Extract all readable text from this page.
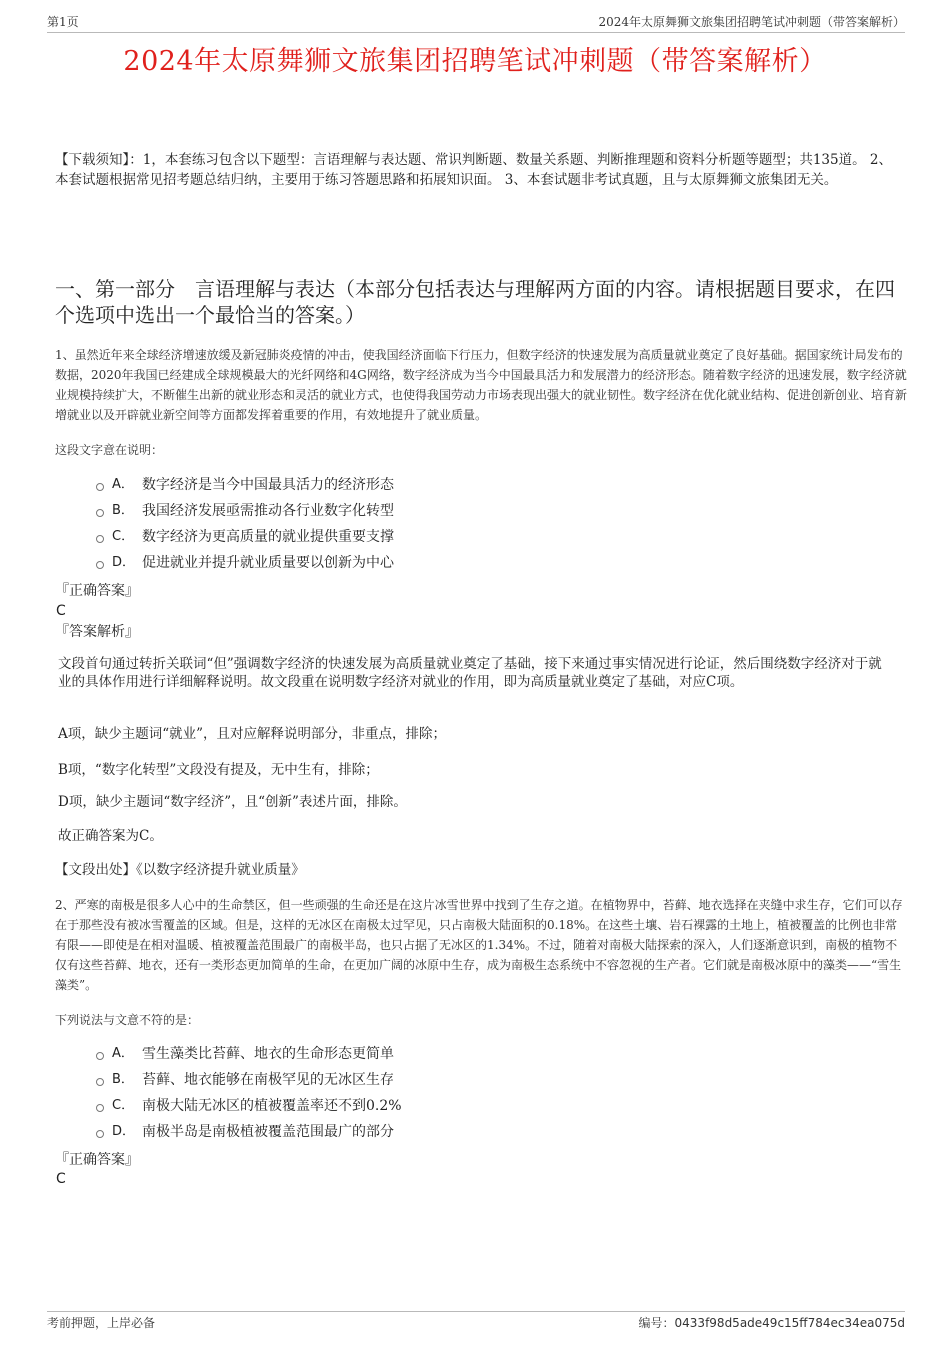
第1页	2024年太原舞狮文旅集团招聘笔试冲刺题（带答案解析）
2024年太原舞狮文旅集团招聘笔试冲刺题（带答案解析）

【下载须知】：1，本套练习包含以下题型：言语理解与表达题、常识判断题、数量关系题、判断推理题和资料分析题等题型；共135道。 2、本套试题根据常见招考题总结归纳，主要用于练习答题思路和拓展知识面。 3、本套试题非考试真题，且与太原舞狮文旅集团无关。

一、第一部分　言语理解与表达（本部分包括表达与理解两方面的内容。请根据题目要求，在四个选项中选出一个最恰当的答案。）

1、虽然近年来全球经济增速放缓及新冠肺炎疫情的冲击，使我国经济面临下行压力，但数字经济的快速发展为高质量就业奠定了良好基础。据国家统计局发布的数据，2020年我国已经建成全球规模最大的光纤网络和4G网络，数字经济成为当今中国最具活力和发展潜力的经济形态。随着数字经济的迅速发展，数字经济就业规模持续扩大，不断催生出新的就业形态和灵活的就业方式，也使得我国劳动力市场表现出强大的就业韧性。数字经济在优化就业结构、促进创新创业、培育新增就业以及开辟就业新空间等方面都发挥着重要的作用，有效地提升了就业质量。

这段文字意在说明：

A． 数字经济是当今中国最具活力的经济形态
B． 我国经济发展亟需推动各行业数字化转型
C． 数字经济为更高质量的就业提供重要支撑
D． 促进就业并提升就业质量要以创新为中心

『正确答案』

C

『答案解析』

文段首句通过转折关联词“但”强调数字经济的快速发展为高质量就业奠定了基础，接下来通过事实情况进行论证，然后围绕数字经济对于就业的具体作用进行详细解释说明。故文段重在说明数字经济对就业的作用，即为高质量就业奠定了基础，对应C项。

A项，缺少主题词“就业”，且对应解释说明部分，非重点，排除；

B项，“数字化转型”文段没有提及，无中生有，排除；

D项，缺少主题词“数字经济”，且“创新”表述片面，排除。

故正确答案为C。

【文段出处】《以数字经济提升就业质量》

2、严寒的南极是很多人心中的生命禁区，但一些顽强的生命还是在这片冰雪世界中找到了生存之道。在植物界中，苔藓、地衣选择在夹缝中求生存，它们可以存在于那些没有被冰雪覆盖的区域。但是，这样的无冰区在南极太过罕见，只占南极大陆面积的0.18%。在这些土壤、岩石裸露的土地上，植被覆盖的比例也非常有限——即使是在相对温暖、植被覆盖范围最广的南极半岛，也只占据了无冰区的1.34%。不过，随着对南极大陆探索的深入，人们逐渐意识到，南极的植物不仅有这些苔藓、地衣，还有一类形态更加简单的生命，在更加广阔的冰原中生存，成为南极生态系统中不容忽视的生产者。它们就是南极冰原中的藻类——“雪生藻类”。

下列说法与文意不符的是：

A． 雪生藻类比苔藓、地衣的生命形态更简单
B． 苔藓、地衣能够在南极罕见的无冰区生存
C． 南极大陆无冰区的植被覆盖率还不到0.2%
D． 南极半岛是南极植被覆盖范围最广的部分

『正确答案』

C

考前押题，上岸必备	编号：0433f98d5ade49c15ff784ec34ea075d
